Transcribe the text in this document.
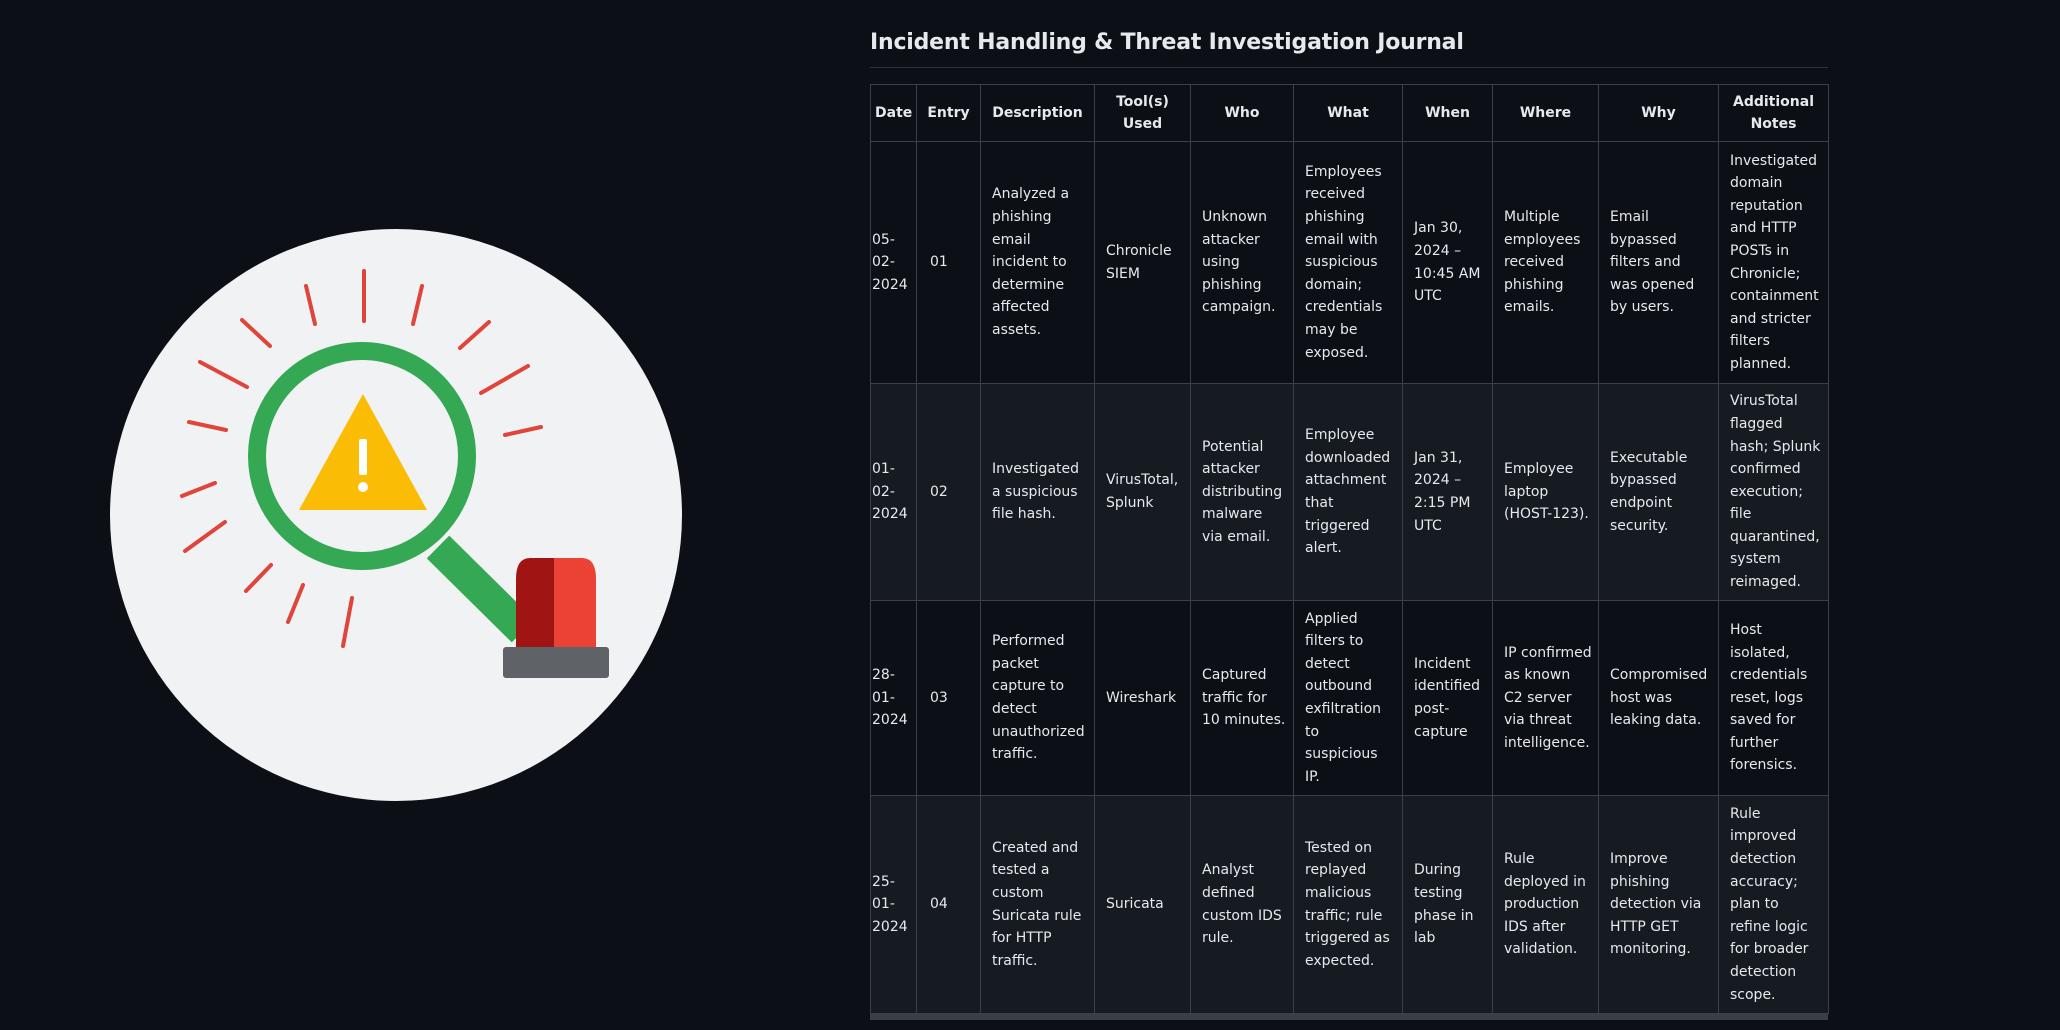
Incident Handling & Threat Investigation Journal
Date	Entry	Description	Tool(s) Used	Who	What	When	Where	Why	Additional Notes
05-02-2024	01	Analyzed a phishing email incident to determine affected assets.	Chronicle SIEM	Unknown attacker using phishing campaign.	Employees received phishing email with suspicious domain; credentials may be exposed.	Jan 30, 2024 – 10:45 AM UTC	Multiple employees received phishing emails.	Email bypassed filters and was opened by users.	Investigated domain reputation and HTTP POSTs in Chronicle; containment and stricter filters planned.
01-02-2024	02	Investigated a suspicious file hash.	VirusTotal, Splunk	Potential attacker distributing malware via email.	Employee downloaded attachment that triggered alert.	Jan 31, 2024 – 2:15 PM UTC	Employee laptop (HOST-123).	Executable bypassed endpoint security.	VirusTotal flagged hash; Splunk confirmed execution; file quarantined, system reimaged.
28-01-2024	03	Performed packet capture to detect unauthorized traffic.	Wireshark	Captured traffic for 10 minutes.	Applied filters to detect outbound exfiltration to suspicious IP.	Incident identified post-capture	IP confirmed as known C2 server via threat intelligence.	Compromised host was leaking data.	Host isolated, credentials reset, logs saved for further forensics.
25-01-2024	04	Created and tested a custom Suricata rule for HTTP traffic.	Suricata	Analyst defined custom IDS rule.	Tested on replayed malicious traffic; rule triggered as expected.	During testing phase in lab	Rule deployed in production IDS after validation.	Improve phishing detection via HTTP GET monitoring.	Rule improved detection accuracy; plan to refine logic for broader detection scope.
